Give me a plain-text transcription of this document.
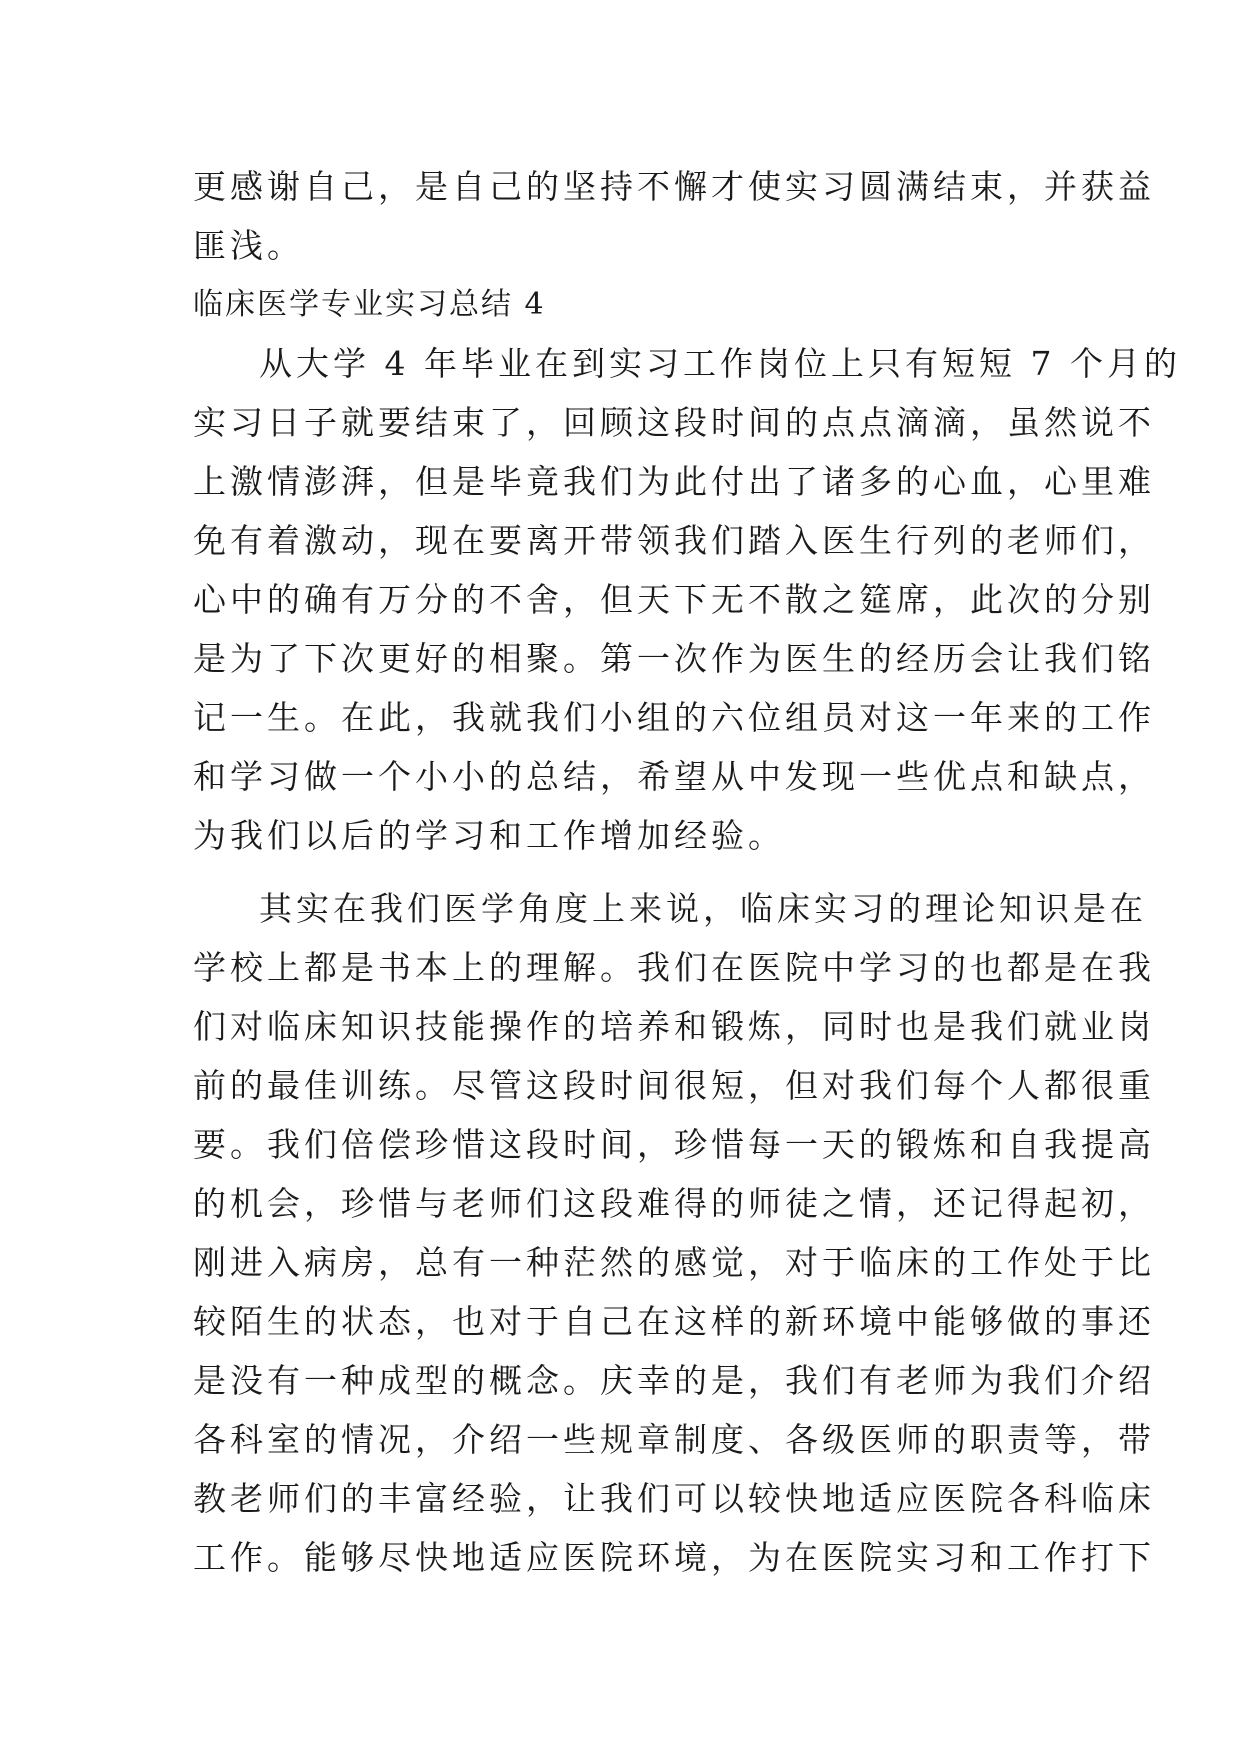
更感谢自己，是自己的坚持不懈才使实习圆满结束，并获益
匪浅。
临床医学专业实习总结 4
从大学 4 年毕业在到实习工作岗位上只有短短 7 个月的
实习日子就要结束了，回顾这段时间的点点滴滴，虽然说不
上激情澎湃，但是毕竟我们为此付出了诸多的心血，心里难
免有着激动，现在要离开带领我们踏入医生行列的老师们，
心中的确有万分的不舍，但天下无不散之筵席，此次的分别
是为了下次更好的相聚。第一次作为医生的经历会让我们铭
记一生。在此，我就我们小组的六位组员对这一年来的工作
和学习做一个小小的总结，希望从中发现一些优点和缺点，
为我们以后的学习和工作增加经验。
其实在我们医学角度上来说，临床实习的理论知识是在
学校上都是书本上的理解。我们在医院中学习的也都是在我
们对临床知识技能操作的培养和锻炼，同时也是我们就业岗
前的最佳训练。尽管这段时间很短，但对我们每个人都很重
要。我们倍偿珍惜这段时间，珍惜每一天的锻炼和自我提高
的机会，珍惜与老师们这段难得的师徒之情，还记得起初，
刚进入病房，总有一种茫然的感觉，对于临床的工作处于比
较陌生的状态，也对于自己在这样的新环境中能够做的事还
是没有一种成型的概念。庆幸的是，我们有老师为我们介绍
各科室的情况，介绍一些规章制度、各级医师的职责等，带
教老师们的丰富经验，让我们可以较快地适应医院各科临床
工作。能够尽快地适应医院环境，为在医院实习和工作打下
